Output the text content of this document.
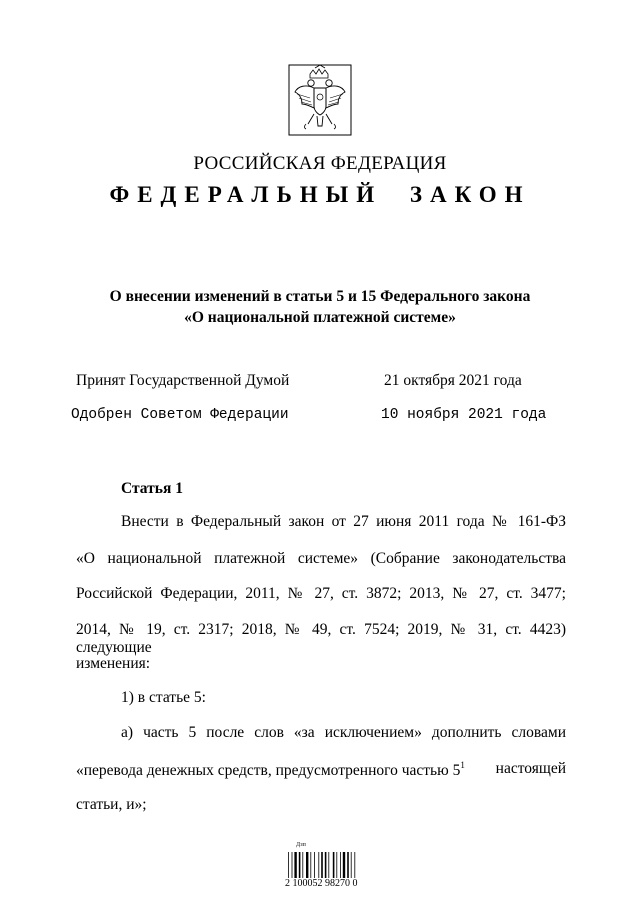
РОССИЙСКАЯ ФЕДЕРАЦИЯ
ФЕДЕРАЛЬНЫЙ ЗАКОН
О внесении изменений в статьи 5 и 15 Федерального закона
«О национальной платежной системе»
Принят Государственной Думой	21 октября 2021 года
Одобрен Советом Федерации	10 ноября 2021 года
Статья 1
Внести в Федеральный закон от 27 июня 2011 года № 161-ФЗ
«О национальной платежной системе» (Собрание законодательства
Российской Федерации, 2011, № 27, ст. 3872; 2013, № 27, ст. 3477;
2014, № 19, ст. 2317; 2018, № 49, ст. 7524; 2019, № 31, ст. 4423) следующие
изменения:
1) в статье 5:
а) часть 5 после слов «за исключением» дополнить словами
«перевода денежных средств, предусмотренного частью $5^1$ настоящей
статьи, и»;
Дзп
2 100052 98270 0
